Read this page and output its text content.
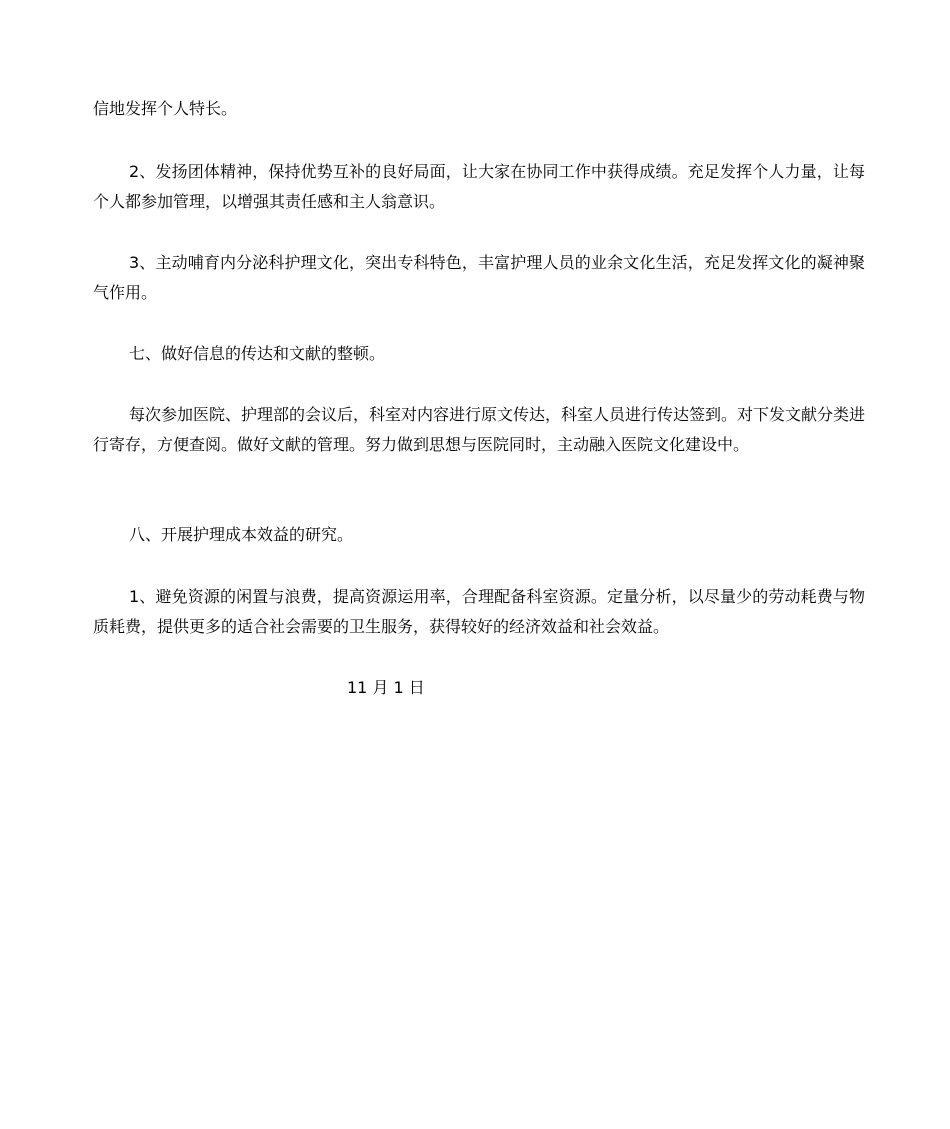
信地发挥个人特长。

2、发扬团体精神，保持优势互补的良好局面，让大家在协同工作中获得成绩。充足发挥个人力量，让每个人都参加管理，以增强其责任感和主人翁意识。

3、主动哺育内分泌科护理文化，突出专科特色，丰富护理人员的业余文化生活，充足发挥文化的凝神聚气作用。

七、做好信息的传达和文献的整顿。

每次参加医院、护理部的会议后，科室对内容进行原文传达，科室人员进行传达签到。对下发文献分类进行寄存，方便查阅。做好文献的管理。努力做到思想与医院同时，主动融入医院文化建设中。

八、开展护理成本效益的研究。

1、避免资源的闲置与浪费，提高资源运用率，合理配备科室资源。定量分析，以尽量少的劳动耗费与物质耗费，提供更多的适合社会需要的卫生服务，获得较好的经济效益和社会效益。

11 月 1 日
